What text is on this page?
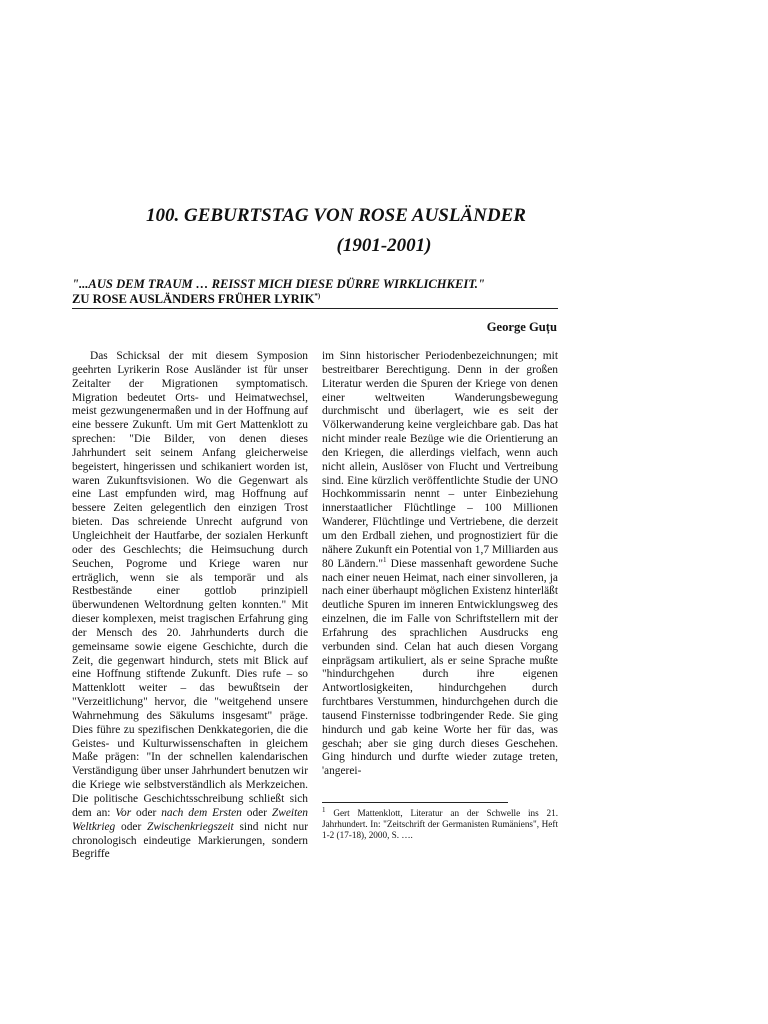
100. GEBURTSTAG VON ROSE AUSLÄNDER
(1901-2001)
"...AUS DEM TRAUM … REISST MICH DIESE DÜRRE WIRKLICHKEIT."
ZU ROSE AUSLÄNDERS FRÜHER LYRIK*)
George Guțu

Das Schicksal der mit diesem Symposion geehrten Lyrikerin Rose Ausländer ist für unser Zeitalter der Migrationen symptomatisch. Migration bedeutet Orts- und Heimatwechsel, meist gezwungenermaßen und in der Hoffnung auf eine bessere Zukunft. Um mit Gert Mattenklott zu sprechen: "Die Bilder, von denen dieses Jahrhundert seit seinem Anfang gleicherweise begeistert, hingerissen und schikaniert worden ist, waren Zukunftsvisionen. Wo die Gegenwart als eine Last empfunden wird, mag Hoffnung auf bessere Zeiten gelegentlich den einzigen Trost bieten. Das schreiende Unrecht aufgrund von Ungleichheit der Hautfarbe, der sozialen Herkunft oder des Geschlechts; die Heimsuchung durch Seuchen, Pogrome und Kriege waren nur erträglich, wenn sie als temporär und als Restbestände einer gottlob prinzipiell überwundenen Weltordnung gelten konnten." Mit dieser komplexen, meist tragischen Erfahrung ging der Mensch des 20. Jahrhunderts durch die gemeinsame sowie eigene Geschichte, durch die Zeit, die gegenwart hindurch, stets mit Blick auf eine Hoffnung stiftende Zukunft. Dies rufe – so Mattenklott weiter – das bewußtsein der "Verzeitlichung" hervor, die "weitgehend unsere Wahrnehmung des Säkulums insgesamt" präge. Dies führe zu spezifischen Denkkategorien, die die Geistes- und Kulturwissenschaften in gleichem Maße prägen: "In der schnellen kalendarischen Verständigung über unser Jahrhundert benutzen wir die Kriege wie selbstverständlich als Merkzeichen. Die politische Geschichtsschreibung schließt sich dem an: Vor oder nach dem Ersten oder Zweiten Weltkrieg oder Zwischenkriegszeit sind nicht nur chronologisch eindeutige Markierungen, sondern Begriffe

im Sinn historischer Periodenbezeichnungen; mit bestreitbarer Berechtigung. Denn in der großen Literatur werden die Spuren der Kriege von denen einer weltweiten Wanderungsbewegung durchmischt und überlagert, wie es seit der Völkerwanderung keine vergleichbare gab. Das hat nicht minder reale Bezüge wie die Orientierung an den Kriegen, die allerdings vielfach, wenn auch nicht allein, Auslöser von Flucht und Vertreibung sind. Eine kürzlich veröffentlichte Studie der UNO Hochkommissarin nennt – unter Einbeziehung innerstaatlicher Flüchtlinge – 100 Millionen Wanderer, Flüchtlinge und Vertriebene, die derzeit um den Erdball ziehen, und prognostiziert für die nähere Zukunft ein Potential von 1,7 Milliarden aus 80 Ländern."$^1$ Diese massenhaft gewordene Suche nach einer neuen Heimat, nach einer sinvolleren, ja nach einer überhaupt möglichen Existenz hinterläßt deutliche Spuren im inneren Entwicklungsweg des einzelnen, die im Falle von Schriftstellern mit der Erfahrung des sprachlichen Ausdrucks eng verbunden sind. Celan hat auch diesen Vorgang einprägsam artikuliert, als er seine Sprache mußte "hindurchgehen durch ihre eigenen Antwortlosigkeiten, hindurchgehen durch furchtbares Verstummen, hindurchgehen durch die tausend Finsternisse todbringender Rede. Sie ging hindurch und gab keine Worte her für das, was geschah; aber sie ging durch dieses Geschehen. Ging hindurch und durfte wieder zutage treten, 'angerei-

$^1$ Gert Mattenklott, Literatur an der Schwelle ins 21. Jahrhundert. In: "Zeitschrift der Germanisten Rumäniens", Heft 1-2 (17-18), 2000, S. ….
